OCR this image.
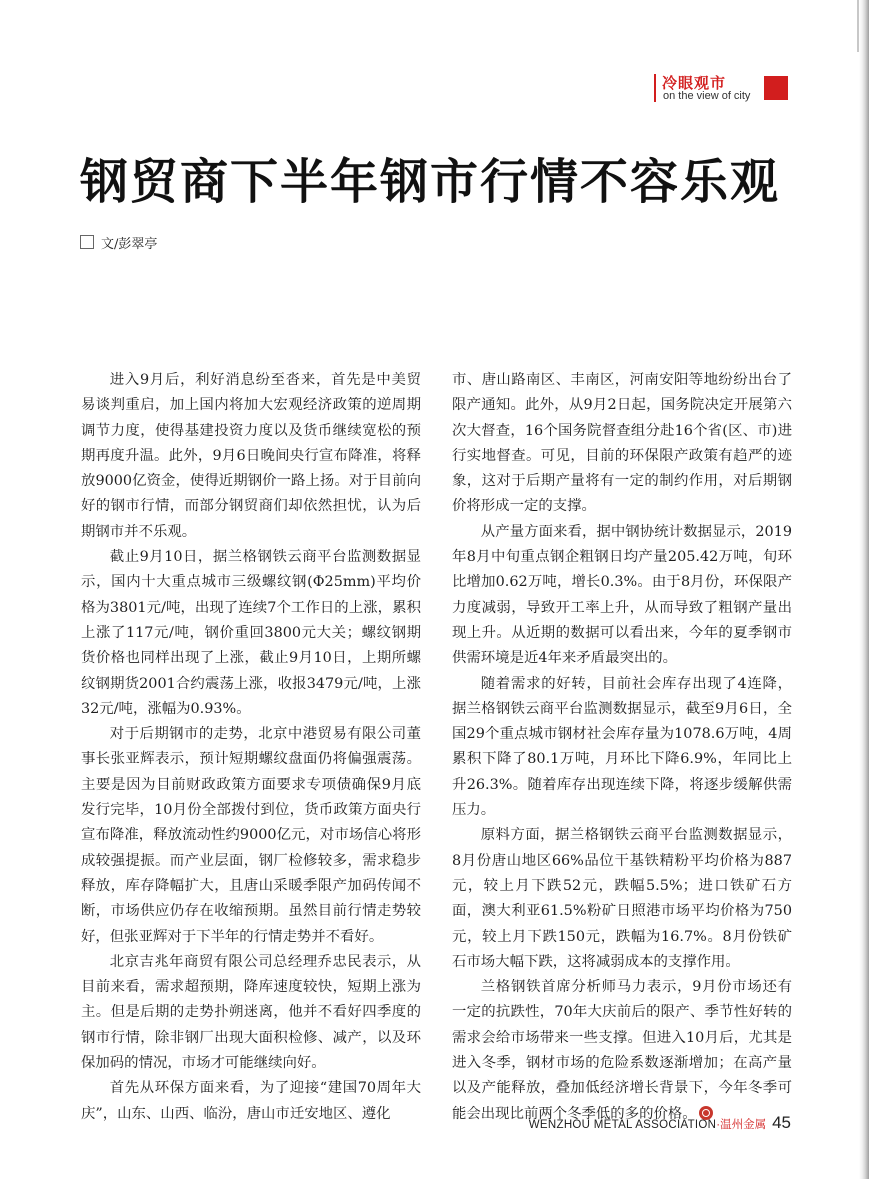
冷眼观市
on the view of city
钢贸商下半年钢市行情不容乐观
文/彭翠亭

进入9月后，利好消息纷至沓来，首先是中美贸易谈判重启，加上国内将加大宏观经济政策的逆周期调节力度，使得基建投资力度以及货币继续宽松的预期再度升温。此外，9月6日晚间央行宣布降准，将释放9000亿资金，使得近期钢价一路上扬。对于目前向好的钢市行情，而部分钢贸商们却依然担忧，认为后期钢市并不乐观。

截止9月10日，据兰格钢铁云商平台监测数据显示，国内十大重点城市三级螺纹钢(Φ25mm)平均价格为3801元/吨，出现了连续7个工作日的上涨，累积上涨了117元/吨，钢价重回3800元大关；螺纹钢期货价格也同样出现了上涨，截止9月10日，上期所螺纹钢期货2001合约震荡上涨，收报3479元/吨，上涨32元/吨，涨幅为0.93%。

对于后期钢市的走势，北京中港贸易有限公司董事长张亚辉表示，预计短期螺纹盘面仍将偏强震荡。主要是因为目前财政政策方面要求专项债确保9月底发行完毕，10月份全部拨付到位，货币政策方面央行宣布降准，释放流动性约9000亿元，对市场信心将形成较强提振。而产业层面，钢厂检修较多，需求稳步释放，库存降幅扩大，且唐山采暖季限产加码传闻不断，市场供应仍存在收缩预期。虽然目前行情走势较好，但张亚辉对于下半年的行情走势并不看好。

北京吉兆年商贸有限公司总经理乔忠民表示，从目前来看，需求超预期，降库速度较快，短期上涨为主。但是后期的走势扑朔迷离，他并不看好四季度的钢市行情，除非钢厂出现大面积检修、减产，以及环保加码的情况，市场才可能继续向好。

首先从环保方面来看，为了迎接“建国70周年大庆”，山东、山西、临汾，唐山市迁安地区、遵化

市、唐山路南区、丰南区，河南安阳等地纷纷出台了限产通知。此外，从9月2日起，国务院决定开展第六次大督查，16个国务院督查组分赴16个省(区、市)进行实地督查。可见，目前的环保限产政策有趋严的迹象，这对于后期产量将有一定的制约作用，对后期钢价将形成一定的支撑。

从产量方面来看，据中钢协统计数据显示，2019年8月中旬重点钢企粗钢日均产量205.42万吨，旬环比增加0.62万吨，增长0.3%。由于8月份，环保限产力度减弱，导致开工率上升，从而导致了粗钢产量出现上升。从近期的数据可以看出来，今年的夏季钢市供需环境是近4年来矛盾最突出的。

随着需求的好转，目前社会库存出现了4连降，据兰格钢铁云商平台监测数据显示，截至9月6日，全国29个重点城市钢材社会库存量为1078.6万吨，4周累积下降了80.1万吨，月环比下降6.9%，年同比上升26.3%。随着库存出现连续下降，将逐步缓解供需压力。

原料方面，据兰格钢铁云商平台监测数据显示，8月份唐山地区66%品位干基铁精粉平均价格为887元，较上月下跌52元，跌幅5.5%；进口铁矿石方面，澳大利亚61.5%粉矿日照港市场平均价格为750元，较上月下跌150元，跌幅为16.7%。8月份铁矿石市场大幅下跌，这将减弱成本的支撑作用。

兰格钢铁首席分析师马力表示，9月份市场还有一定的抗跌性，70年大庆前后的限产、季节性好转的需求会给市场带来一些支撑。但进入10月后，尤其是进入冬季，钢材市场的危险系数逐渐增加；在高产量以及产能释放，叠加低经济增长背景下，今年冬季可能会出现比前两个冬季低的多的价格。

WENZHOU METAL ASSOCIATION·温州金属 45
